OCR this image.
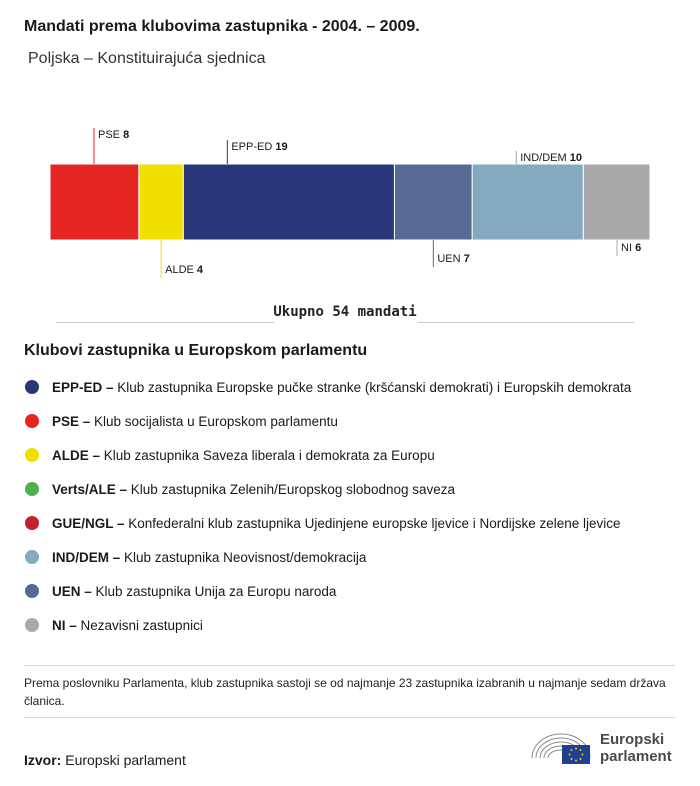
Mandati prema klubovima zastupnika - 2004. – 2009.
Poljska – Konstituirajuća sjednica
PSE 8
ALDE 4
EPP-ED 19
UEN 7
IND/DEM 10
NI 6
Ukupno 54 mandati
Klubovi zastupnika u Europskom parlamentu
EPP-ED – Klub zastupnika Europske pučke stranke (kršćanski demokrati) i Europskih demokrata
PSE – Klub socijalista u Europskom parlamentu
ALDE – Klub zastupnika Saveza liberala i demokrata za Europu
Verts/ALE – Klub zastupnika Zelenih/Europskog slobodnog saveza
GUE/NGL – Konfederalni klub zastupnika Ujedinjene europske ljevice i Nordijske zelene ljevice
IND/DEM – Klub zastupnika Neovisnost/demokracija
UEN – Klub zastupnika Unija za Europu naroda
NI – Nezavisni zastupnici
Prema poslovniku Parlamenta, klub zastupnika sastoji se od najmanje 23 zastupnika izabranih u najmanje sedam država članica.
Izvor: Europski parlament
Europski
parlament
